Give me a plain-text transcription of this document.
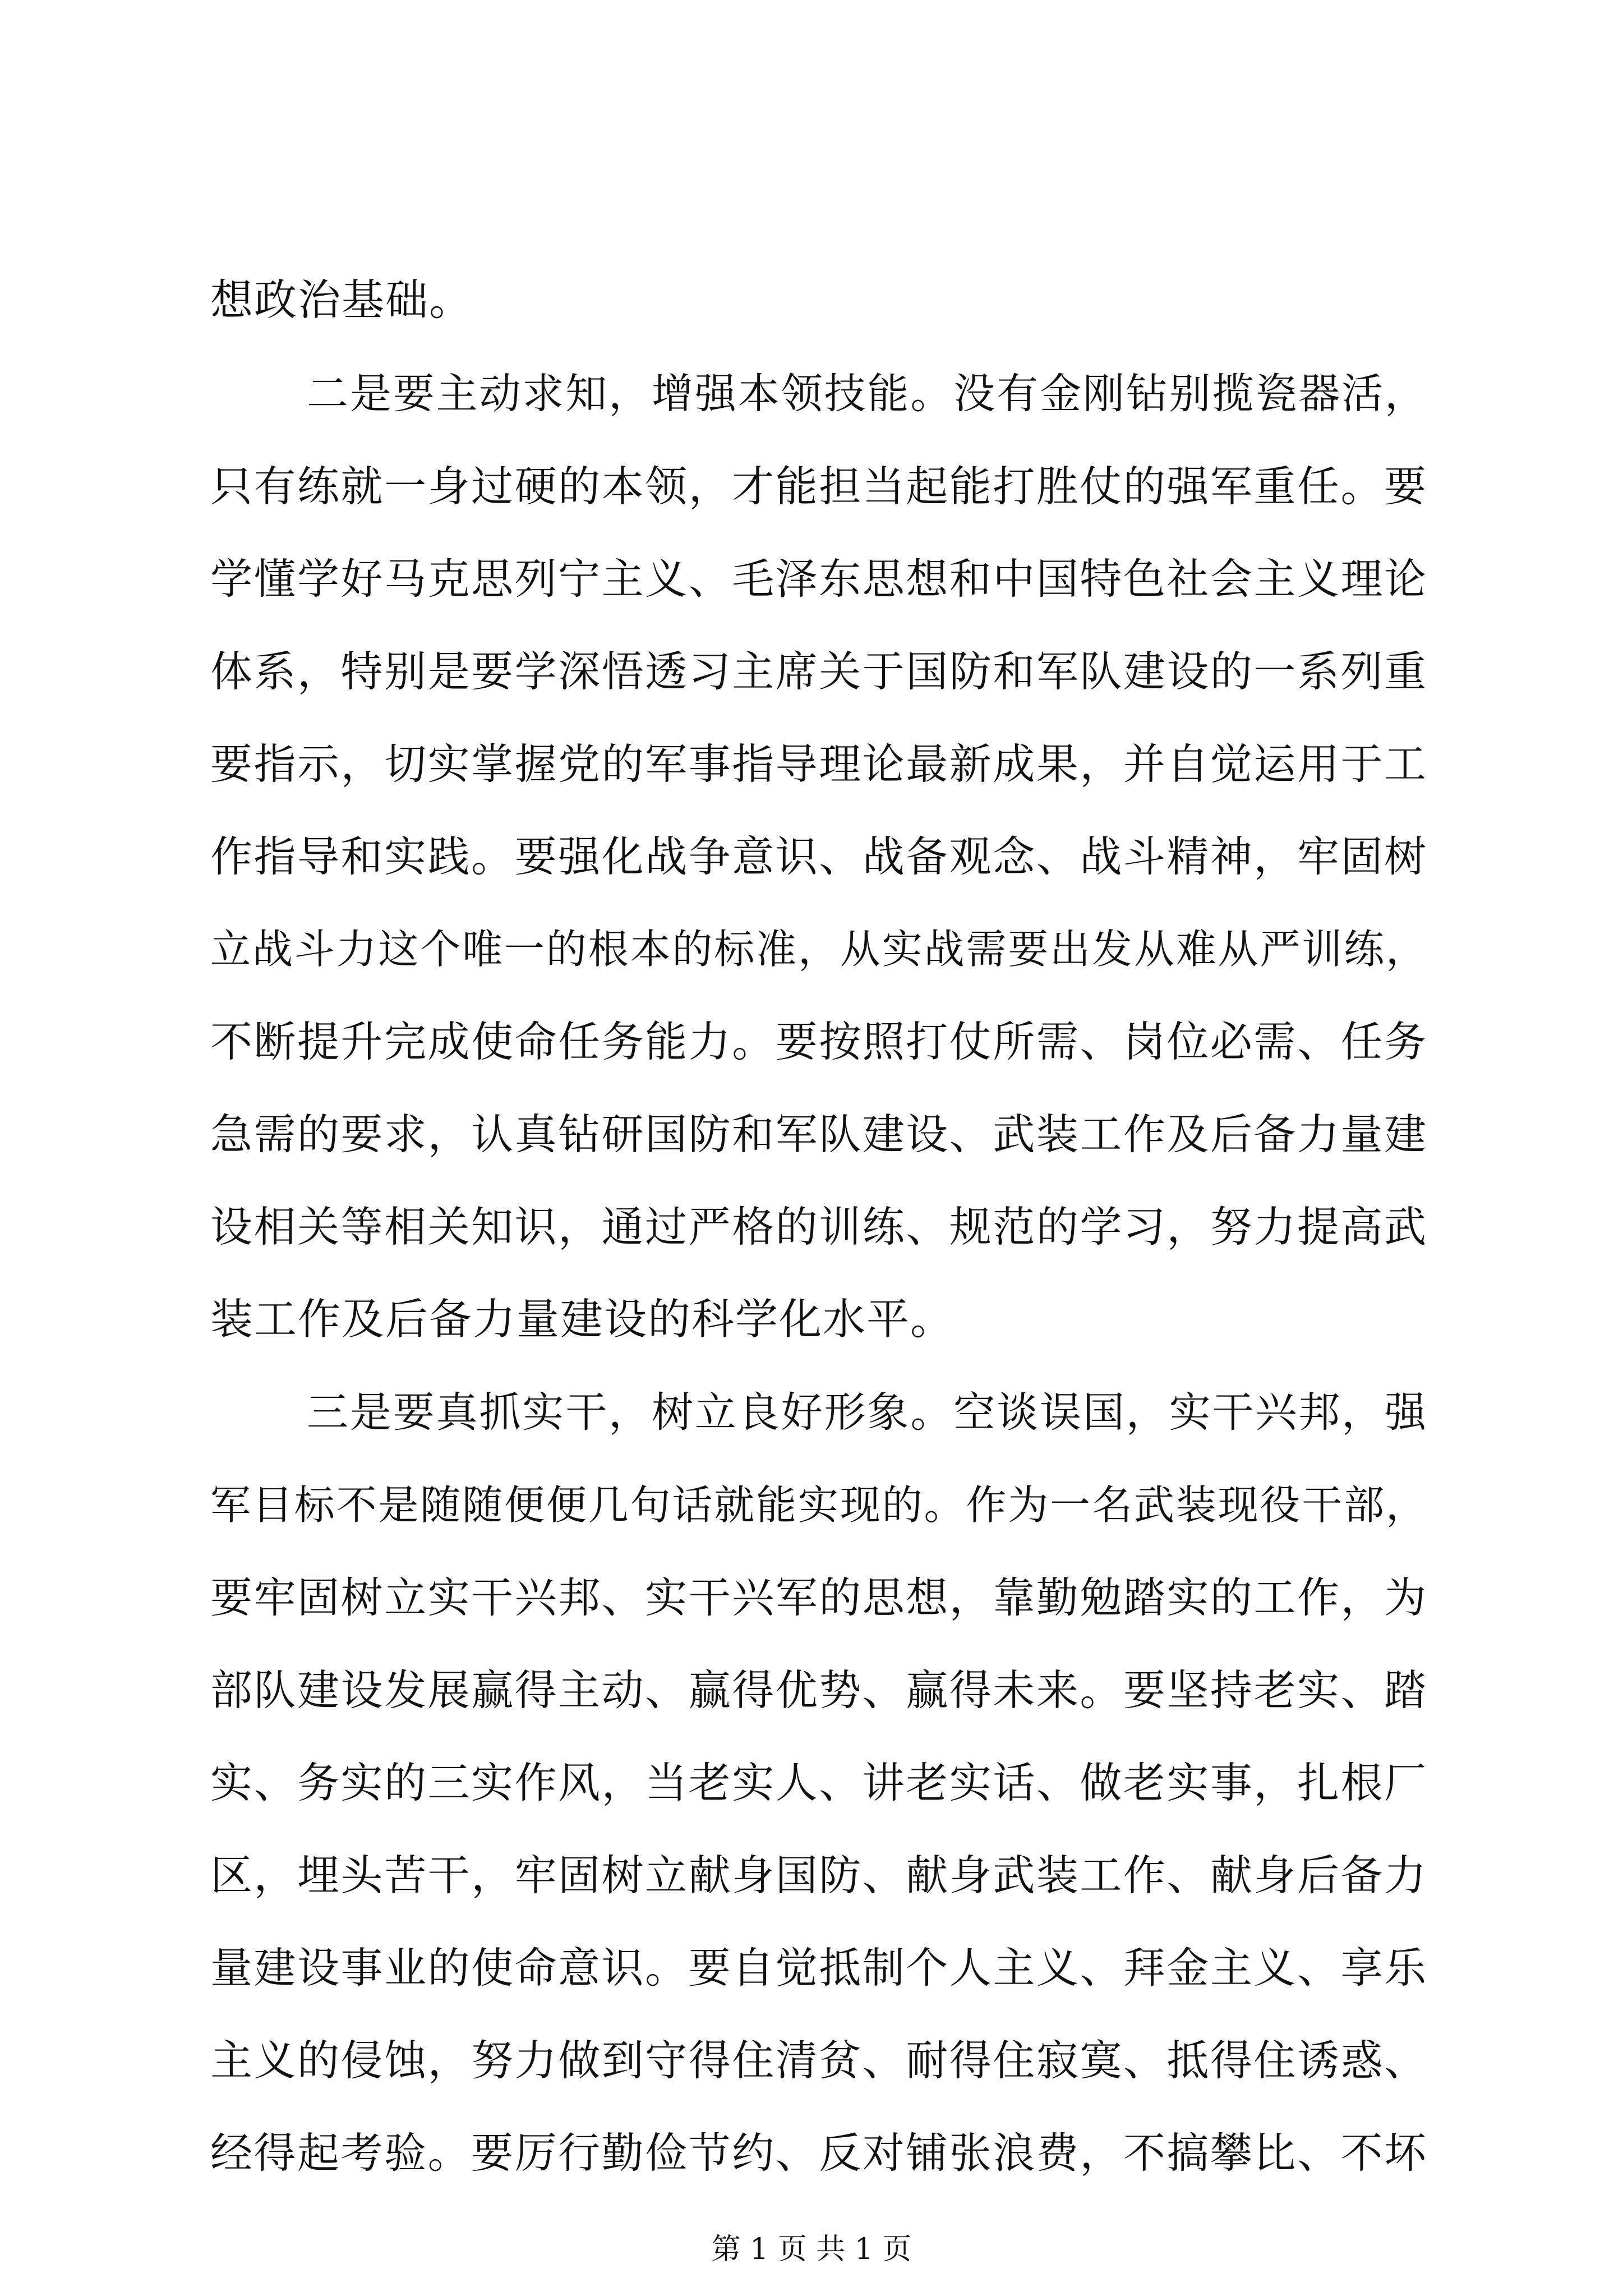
想政治基础。
二是要主动求知，增强本领技能。没有金刚钻别揽瓷器活，
只有练就一身过硬的本领，才能担当起能打胜仗的强军重任。要
学懂学好马克思列宁主义、毛泽东思想和中国特色社会主义理论
体系，特别是要学深悟透习主席关于国防和军队建设的一系列重
要指示，切实掌握党的军事指导理论最新成果，并自觉运用于工
作指导和实践。要强化战争意识、战备观念、战斗精神，牢固树
立战斗力这个唯一的根本的标准，从实战需要出发从难从严训练，
不断提升完成使命任务能力。要按照打仗所需、岗位必需、任务
急需的要求，认真钻研国防和军队建设、武装工作及后备力量建
设相关等相关知识，通过严格的训练、规范的学习，努力提高武
装工作及后备力量建设的科学化水平。
三是要真抓实干，树立良好形象。空谈误国，实干兴邦，强
军目标不是随随便便几句话就能实现的。作为一名武装现役干部，
要牢固树立实干兴邦、实干兴军的思想，靠勤勉踏实的工作，为
部队建设发展赢得主动、赢得优势、赢得未来。要坚持老实、踏
实、务实的三实作风，当老实人、讲老实话、做老实事，扎根厂
区，埋头苦干，牢固树立献身国防、献身武装工作、献身后备力
量建设事业的使命意识。要自觉抵制个人主义、拜金主义、享乐
主义的侵蚀，努力做到守得住清贫、耐得住寂寞、抵得住诱惑、
经得起考验。要厉行勤俭节约、反对铺张浪费，不搞攀比、不坏
第 1 页 共 1 页
